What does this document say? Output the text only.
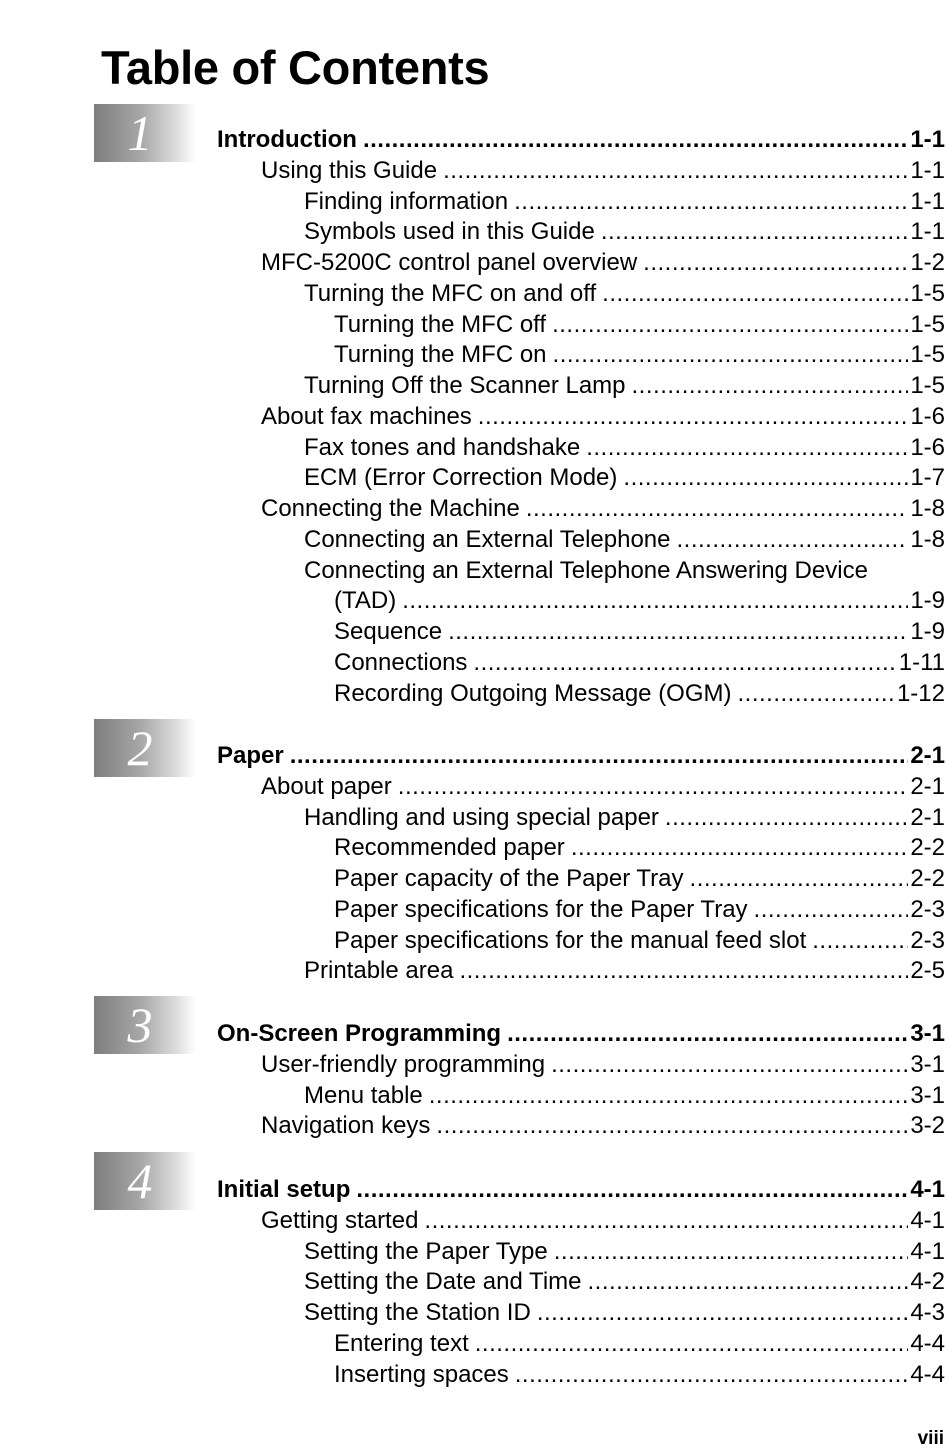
Table of Contents
1	Introduction .....	1-1
Using this Guide .....	1-1
Finding information .....	1-1
Symbols used in this Guide .....	1-1
MFC-5200C control panel overview .....	1-2
Turning the MFC on and off .....	1-5
Turning the MFC off .....	1-5
Turning the MFC on .....	1-5
Turning Off the Scanner Lamp .....	1-5
About fax machines .....	1-6
Fax tones and handshake .....	1-6
ECM (Error Correction Mode) .....	1-7
Connecting the Machine .....	1-8
Connecting an External Telephone .....	1-8
Connecting an External Telephone Answering Device
(TAD) .....	1-9
Sequence .....	1-9
Connections .....	1-11
Recording Outgoing Message (OGM) .....	1-12
2	Paper .....	2-1
About paper .....	2-1
Handling and using special paper .....	2-1
Recommended paper .....	2-2
Paper capacity of the Paper Tray .....	2-2
Paper specifications for the Paper Tray .....	2-3
Paper specifications for the manual feed slot .....	2-3
Printable area .....	2-5
3	On-Screen Programming .....	3-1
User-friendly programming .....	3-1
Menu table .....	3-1
Navigation keys .....	3-2
4	Initial setup .....	4-1
Getting started .....	4-1
Setting the Paper Type .....	4-1
Setting the Date and Time .....	4-2
Setting the Station ID .....	4-3
Entering text .....	4-4
Inserting spaces .....	4-4
viii
